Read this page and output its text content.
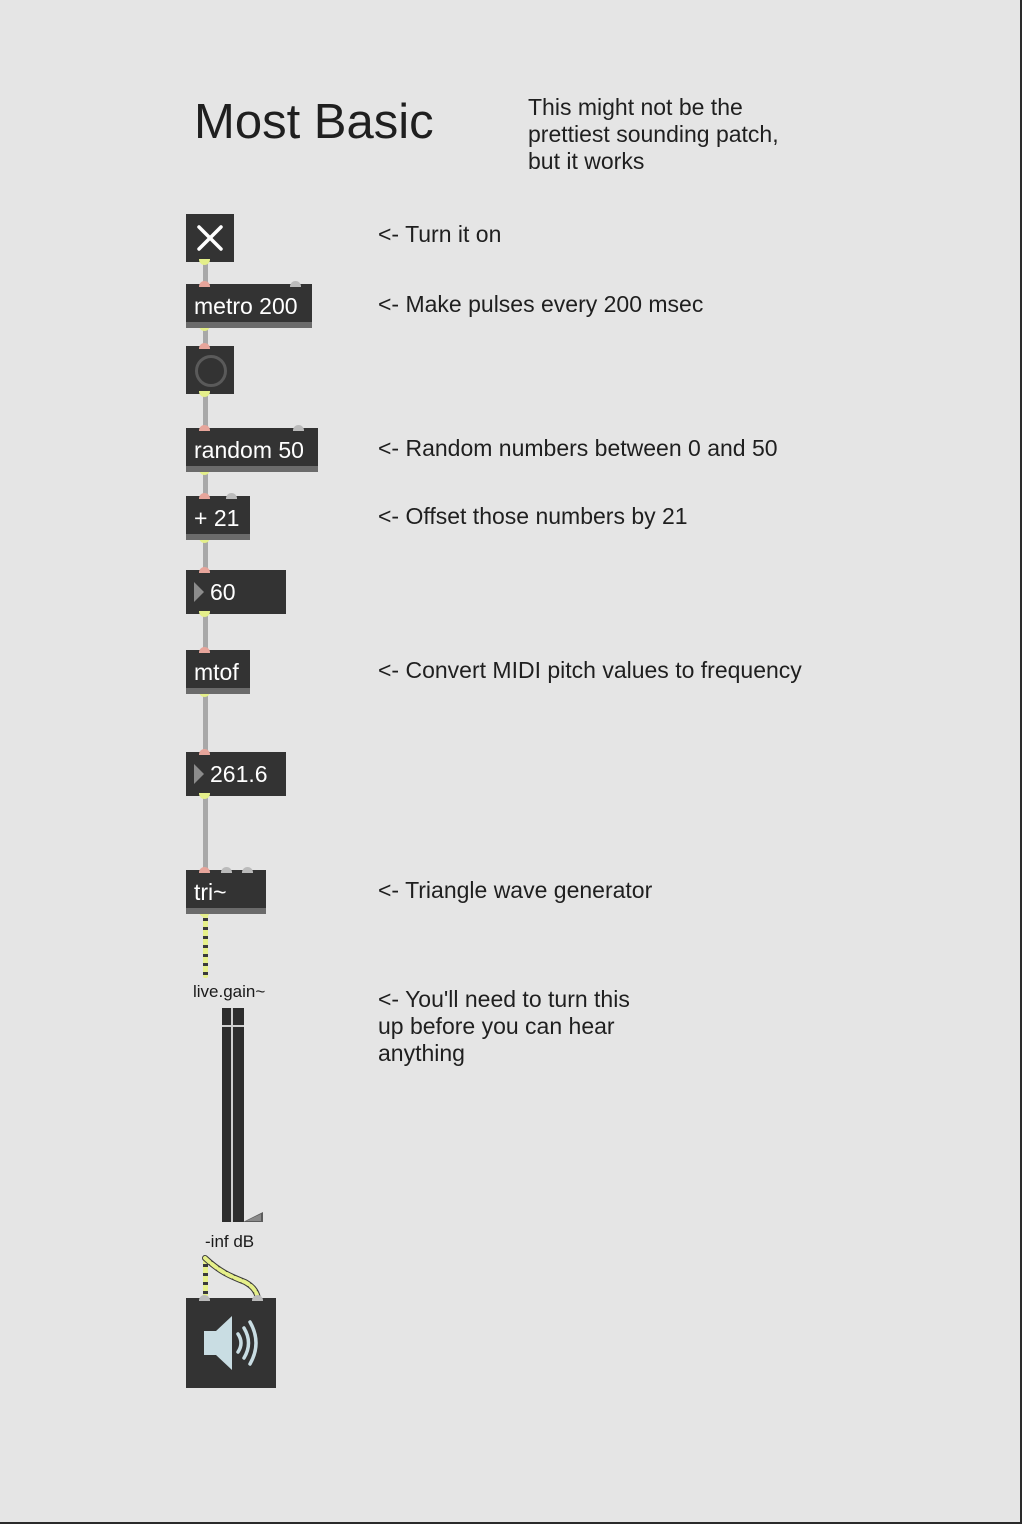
Most Basic	This might not be the
prettiest sounding patch,
but it works
<- Turn it on
metro 200	<- Make pulses every 200 msec
random 50	<- Random numbers between 0 and 50
+ 21	<- Offset those numbers by 21
60
mtof	<- Convert MIDI pitch values to frequency
261.6
tri~	<- Triangle wave generator
live.gain~
-inf dB
<- You'll need to turn this
up before you can hear
anything
